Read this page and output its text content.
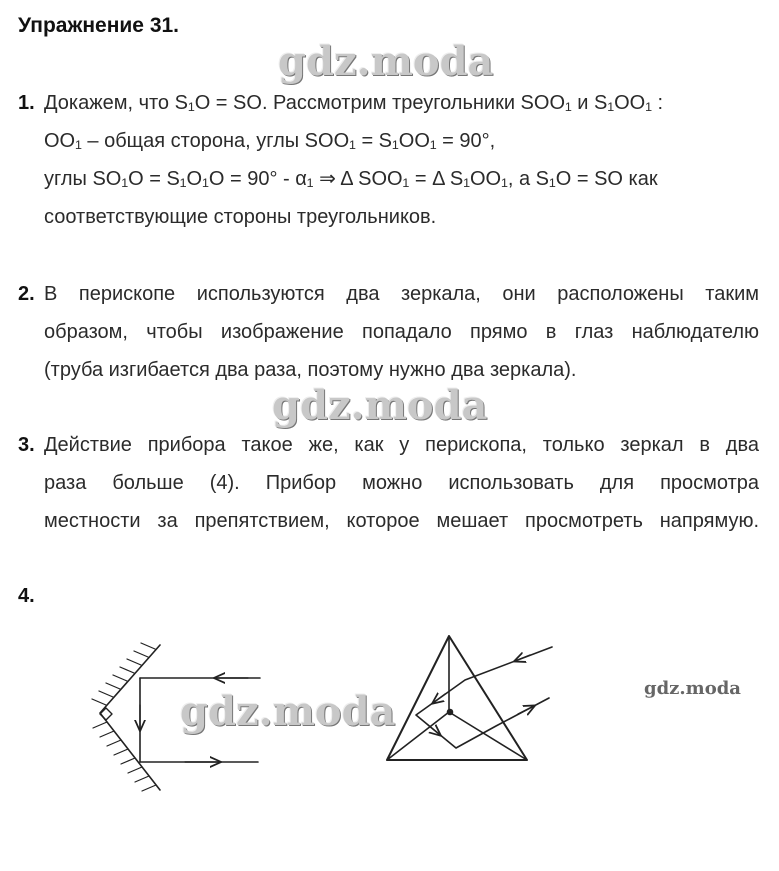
Упражнение 31.
gdz.moda
1. Докажем, что S₁O = SO. Рассмотрим треугольники SOO₁ и S₁OO₁ :
OO₁ – общая сторона, углы SOO₁ = S₁OO₁ = 90°,
углы SO₁O = S₁O₁O = 90° - α₁ ⇒ Δ SOO₁ = Δ S₁OO₁, а S₁O = SO как
соответствующие стороны треугольников.
2. В перископе используются два зеркала, они расположены таким
образом, чтобы изображение попадало прямо в глаз наблюдателю
(труба изгибается два раза, поэтому нужно два зеркала).
gdz.moda
3. Действие прибора такое же, как у перископа, только зеркал в два
раза больше (4). Прибор можно использовать для просмотра
местности за препятствием, которое мешает просмотреть напрямую.
4.
gdz.moda	gdz.moda
